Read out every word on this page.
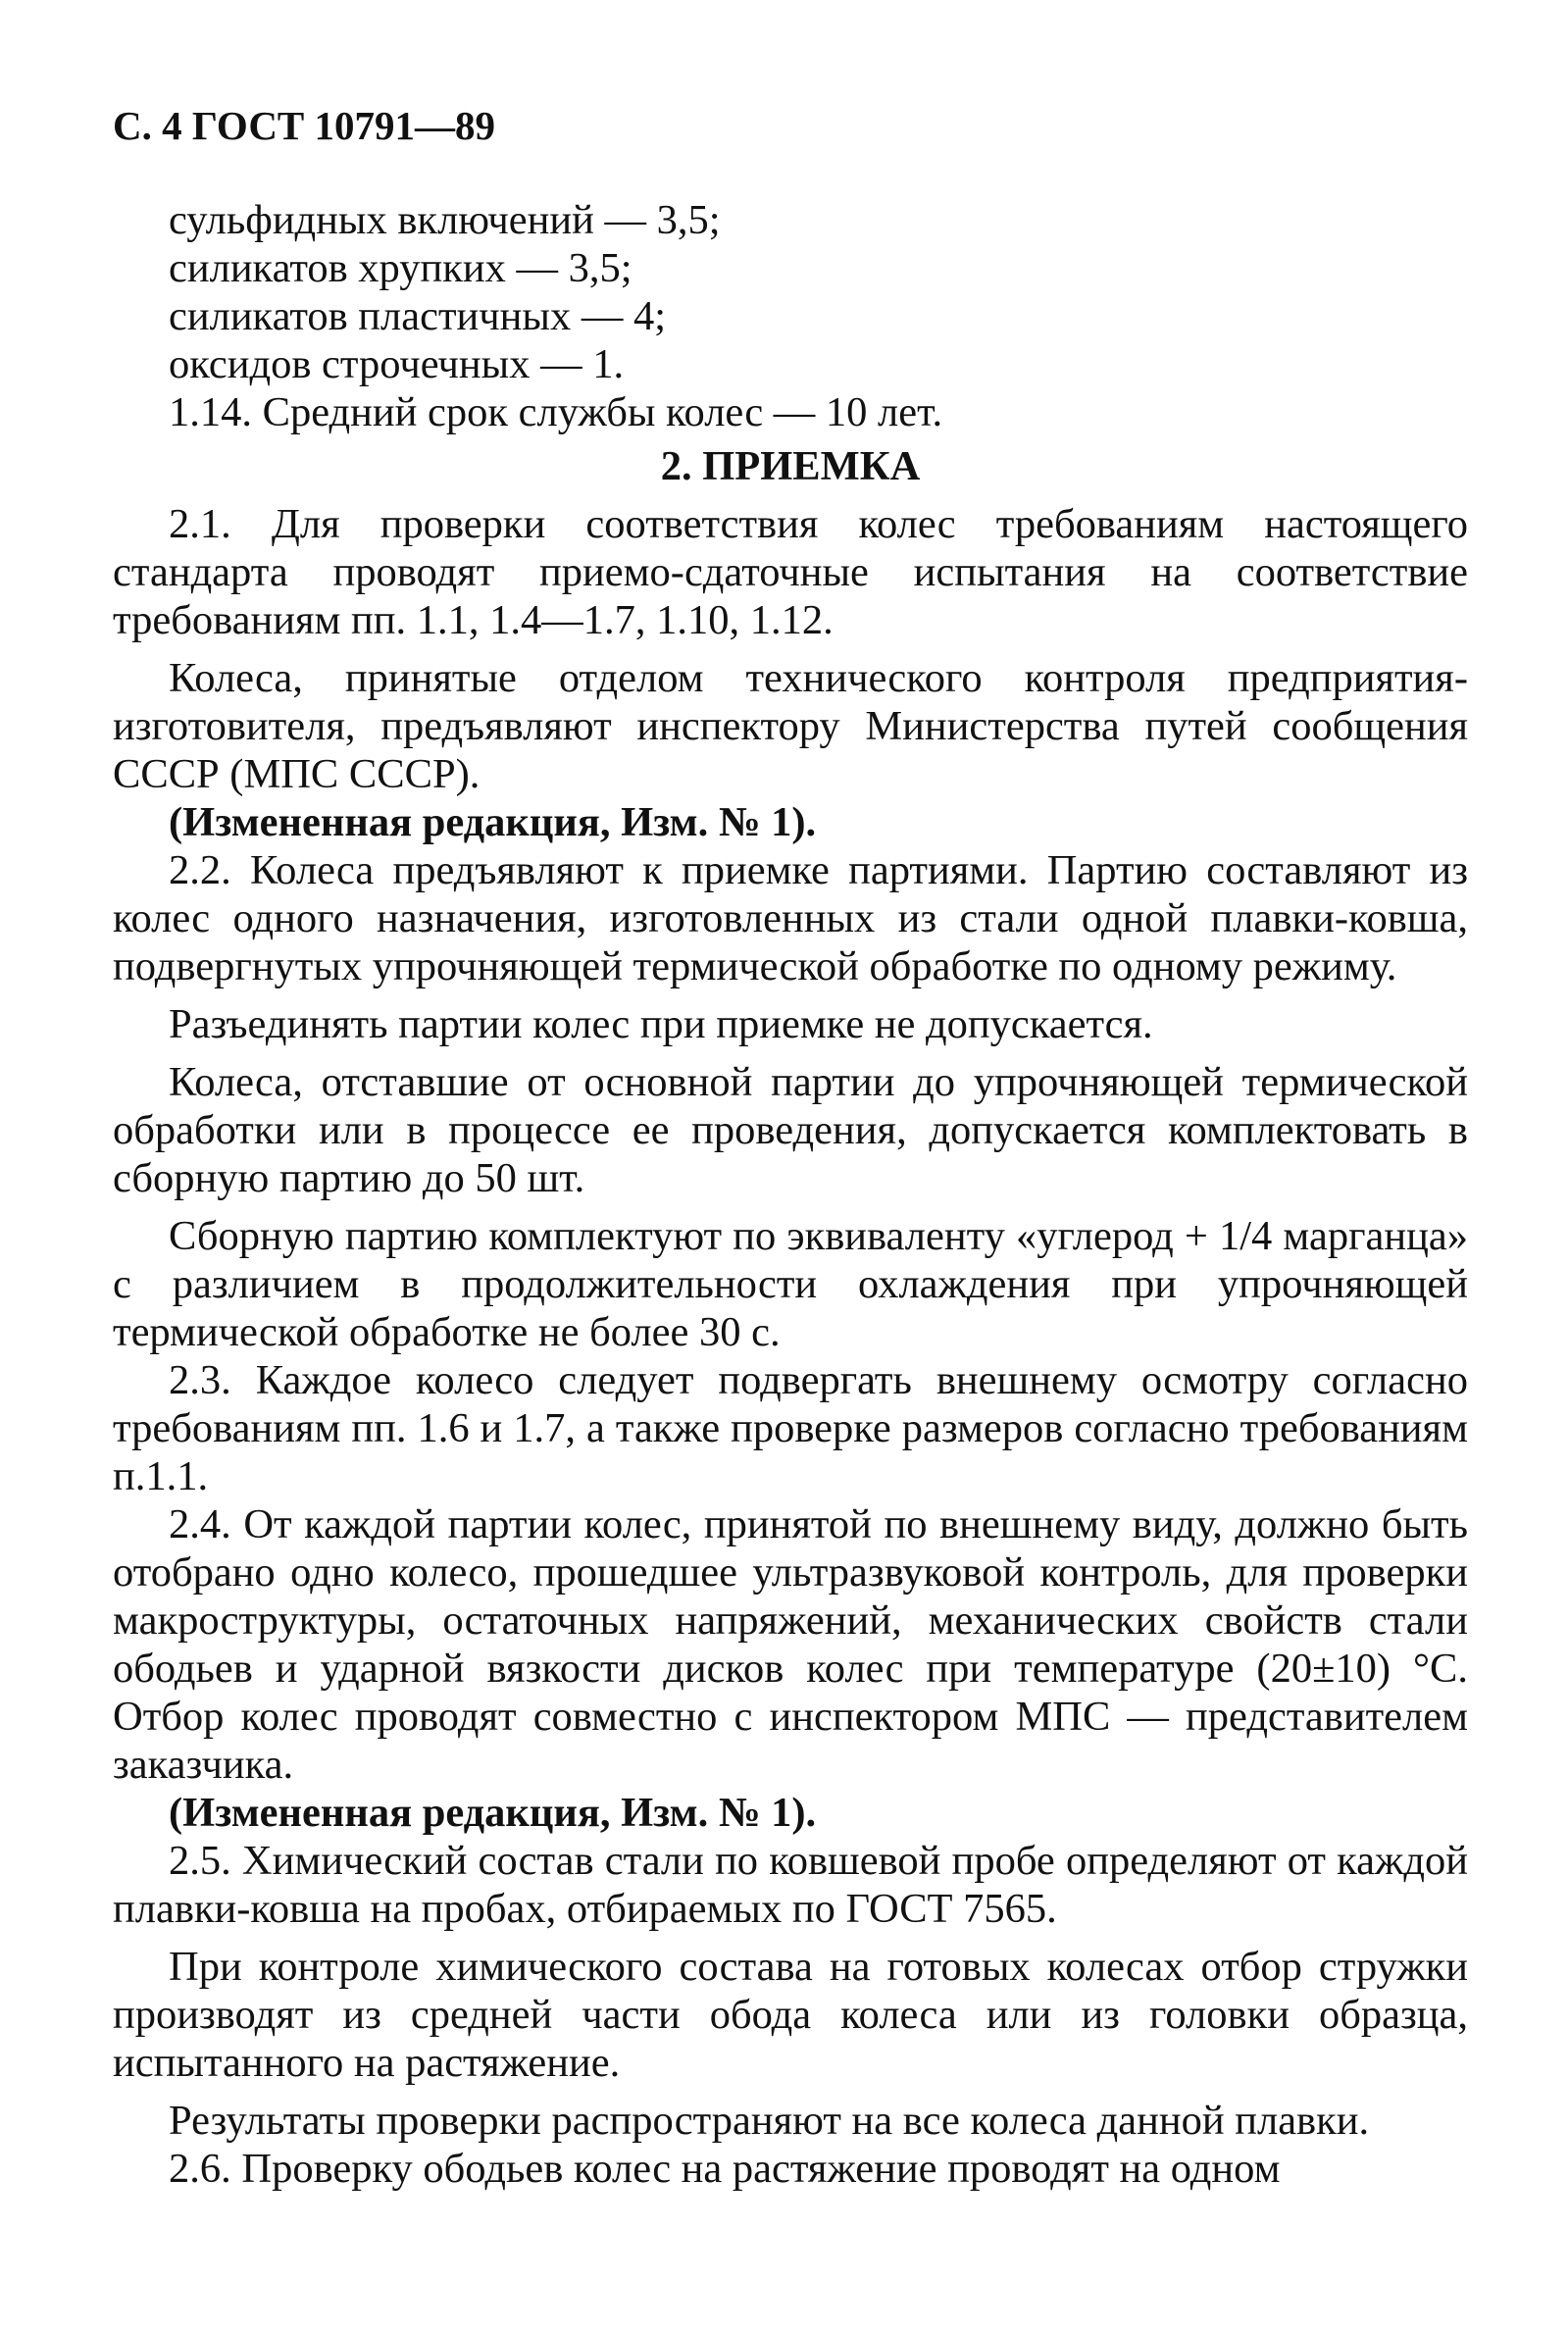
С. 4 ГОСТ 10791—89

сульфидных включений — 3,5;

силикатов хрупких — 3,5;

силикатов пластичных — 4;

оксидов строчечных — 1.

1.14. Средний срок службы колес — 10 лет.

2. ПРИЕМКА

2.1. Для проверки соответствия колес требованиям настоящего стандарта проводят приемо-сдаточные испытания на соответствие требованиям пп. 1.1, 1.4—1.7, 1.10, 1.12.

Колеса, принятые отделом технического контроля предприятия-изготовителя, предъявляют инспектору Министерства путей сообщения СССР (МПС СССР).

(Измененная редакция, Изм. № 1).

2.2. Колеса предъявляют к приемке партиями. Партию составляют из колес одного назначения, изготовленных из стали одной плавки-ковша, подвергнутых упрочняющей термической обработке по одному режиму.

Разъединять партии колес при приемке не допускается.

Колеса, отставшие от основной партии до упрочняющей термической обработки или в процессе ее проведения, допускается комплектовать в сборную партию до 50 шт.

Сборную партию комплектуют по эквиваленту «углерод + 1/4 марганца» с различием в продолжительности охлаждения при упрочняющей термической обработке не более 30 с.

2.3. Каждое колесо следует подвергать внешнему осмотру согласно требованиям пп. 1.6 и 1.7, а также проверке размеров согласно требованиям п.1.1.

2.4. От каждой партии колес, принятой по внешнему виду, должно быть отобрано одно колесо, прошедшее ультразвуковой контроль, для проверки макроструктуры, остаточных напряжений, механических свойств стали ободьев и ударной вязкости дисков колес при температуре (20±10) °С. Отбор колес проводят совместно с инспектором МПС — представителем заказчика.

(Измененная редакция, Изм. № 1).

2.5. Химический состав стали по ковшевой пробе определяют от каждой плавки-ковша на пробах, отбираемых по ГОСТ 7565.

При контроле химического состава на готовых колесах отбор стружки производят из средней части обода колеса или из головки образца, испытанного на растяжение.

Результаты проверки распространяют на все колеса данной плавки.

2.6. Проверку ободьев колес на растяжение проводят на одном
